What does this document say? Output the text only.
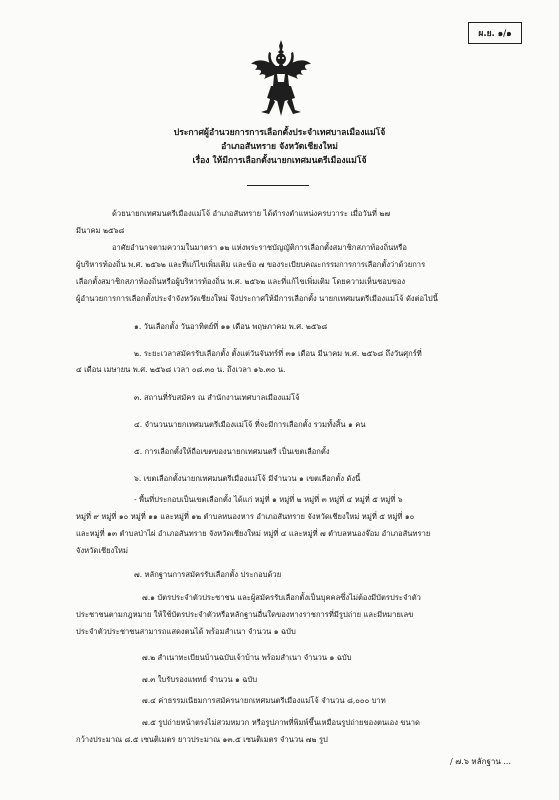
ผ.ย. ๑/๑
ประกาศผู้อำนวยการการเลือกตั้งประจำเทศบาลเมืองแม่โจ้
อำเภอสันทราย จังหวัดเชียงใหม่
เรื่อง ให้มีการเลือกตั้งนายกเทศมนตรีเมืองแม่โจ้
ด้วยนายกเทศมนตรีเมืองแม่โจ้ อำเภอสันทราย ได้ดำรงตำแหน่งครบวาระ เมื่อวันที่ ๒๗
มีนาคม ๒๕๖๘
อาศัยอำนาจตามความในมาตรา ๑๒ แห่งพระราชบัญญัติการเลือกตั้งสมาชิกสภาท้องถิ่นหรือ
ผู้บริหารท้องถิ่น พ.ศ. ๒๕๖๒ และที่แก้ไขเพิ่มเติม และข้อ ๗ ของระเบียบคณะกรรมการการเลือกตั้งว่าด้วยการ
เลือกตั้งสมาชิกสภาท้องถิ่นหรือผู้บริหารท้องถิ่น พ.ศ. ๒๕๖๒ และที่แก้ไขเพิ่มเติม โดยความเห็นชอบของ
ผู้อำนวยการการเลือกตั้งประจำจังหวัดเชียงใหม่ จึงประกาศให้มีการเลือกตั้ง นายกเทศมนตรีเมืองแม่โจ้ ดังต่อไปนี้
๑. วันเลือกตั้ง วันอาทิตย์ที่ ๑๑ เดือน พฤษภาคม พ.ศ. ๒๕๖๘
๒. ระยะเวลาสมัครรับเลือกตั้ง ตั้งแต่วันจันทร์ที่ ๓๑ เดือน มีนาคม พ.ศ. ๒๕๖๘ ถึงวันศุกร์ที่
๔ เดือน เมษายน พ.ศ. ๒๕๖๘ เวลา ๐๘.๓๐ น. ถึงเวลา ๑๖.๓๐ น.
๓. สถานที่รับสมัคร ณ สำนักงานเทศบาลเมืองแม่โจ้
๔. จำนวนนายกเทศมนตรีเมืองแม่โจ้ ที่จะมีการเลือกตั้ง รวมทั้งสิ้น ๑ คน
๕. การเลือกตั้งให้ถือเขตของนายกเทศมนตรี เป็นเขตเลือกตั้ง
๖. เขตเลือกตั้งนายกเทศมนตรีเมืองแม่โจ้ มีจำนวน ๑ เขตเลือกตั้ง ดังนี้
- พื้นที่ประกอบเป็นเขตเลือกตั้ง ได้แก่ หมู่ที่ ๑ หมู่ที่ ๒ หมู่ที่ ๓ หมู่ที่ ๔ หมู่ที่ ๕ หมู่ที่ ๖
หมู่ที่ ๙ หมู่ที่ ๑๐ หมู่ที่ ๑๑ และหมู่ที่ ๑๒ ตำบลหนองหาร อำเภอสันทราย จังหวัดเชียงใหม่ หมู่ที่ ๕ หมู่ที่ ๑๐
และหมู่ที่ ๑๓ ตำบลป่าไผ่ อำเภอสันทราย จังหวัดเชียงใหม่ หมู่ที่ ๔ และหมู่ที่ ๗ ตำบลหนองจ๊อม อำเภอสันทราย
จังหวัดเชียงใหม่
๗. หลักฐานการสมัครรับเลือกตั้ง ประกอบด้วย
๗.๑ บัตรประจำตัวประชาชน และผู้สมัครรับเลือกตั้งเป็นบุคคลซึ่งไม่ต้องมีบัตรประจำตัว
ประชาชนตามกฎหมาย ให้ใช้บัตรประจำตัวหรือหลักฐานอื่นใดของทางราชการที่มีรูปถ่าย และมีหมายเลข
ประจำตัวประชาชนสามารถแสดงตนได้ พร้อมสำเนา จำนวน ๑ ฉบับ
๗.๒ สำเนาทะเบียนบ้านฉบับเจ้าบ้าน พร้อมสำเนา จำนวน ๑ ฉบับ
๗.๓ ใบรับรองแพทย์ จำนวน ๑ ฉบับ
๗.๔ ค่าธรรมเนียมการสมัครนายกเทศมนตรีเมืองแม่โจ้ จำนวน ๘,๐๐๐ บาท
๗.๕ รูปถ่ายหน้าตรงไม่สวมหมวก หรือรูปภาพที่พิมพ์ขึ้นเหมือนรูปถ่ายของตนเอง ขนาด
กว้างประมาณ ๘.๕ เซนติเมตร ยาวประมาณ ๑๓.๕ เซนติเมตร จำนวน ๗๒ รูป
/ ๗.๖ หลักฐาน ...
